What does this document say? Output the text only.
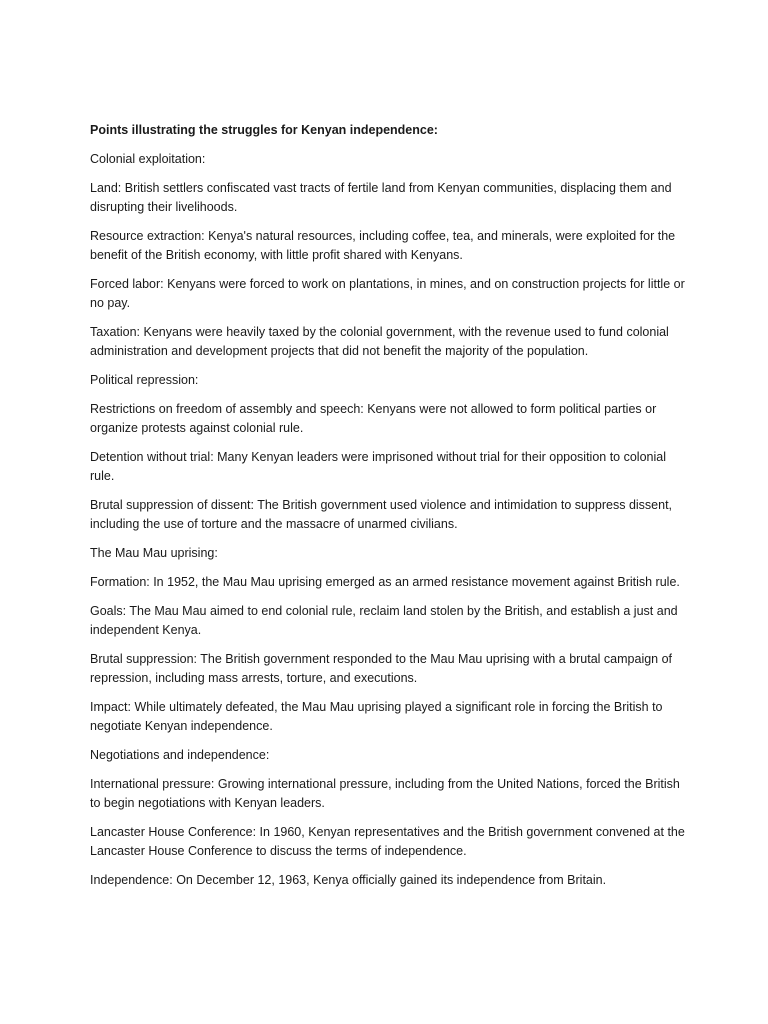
Points illustrating the struggles for Kenyan independence:

Colonial exploitation:

Land: British settlers confiscated vast tracts of fertile land from Kenyan communities, displacing them and disrupting their livelihoods.

Resource extraction: Kenya's natural resources, including coffee, tea, and minerals, were exploited for the benefit of the British economy, with little profit shared with Kenyans.

Forced labor: Kenyans were forced to work on plantations, in mines, and on construction projects for little or no pay.

Taxation: Kenyans were heavily taxed by the colonial government, with the revenue used to fund colonial administration and development projects that did not benefit the majority of the population.

Political repression:

Restrictions on freedom of assembly and speech: Kenyans were not allowed to form political parties or organize protests against colonial rule.

Detention without trial: Many Kenyan leaders were imprisoned without trial for their opposition to colonial rule.

Brutal suppression of dissent: The British government used violence and intimidation to suppress dissent, including the use of torture and the massacre of unarmed civilians.

The Mau Mau uprising:

Formation: In 1952, the Mau Mau uprising emerged as an armed resistance movement against British rule.

Goals: The Mau Mau aimed to end colonial rule, reclaim land stolen by the British, and establish a just and independent Kenya.

Brutal suppression: The British government responded to the Mau Mau uprising with a brutal campaign of repression, including mass arrests, torture, and executions.

Impact: While ultimately defeated, the Mau Mau uprising played a significant role in forcing the British to negotiate Kenyan independence.

Negotiations and independence:

International pressure: Growing international pressure, including from the United Nations, forced the British to begin negotiations with Kenyan leaders.

Lancaster House Conference: In 1960, Kenyan representatives and the British government convened at the Lancaster House Conference to discuss the terms of independence.

Independence: On December 12, 1963, Kenya officially gained its independence from Britain.
